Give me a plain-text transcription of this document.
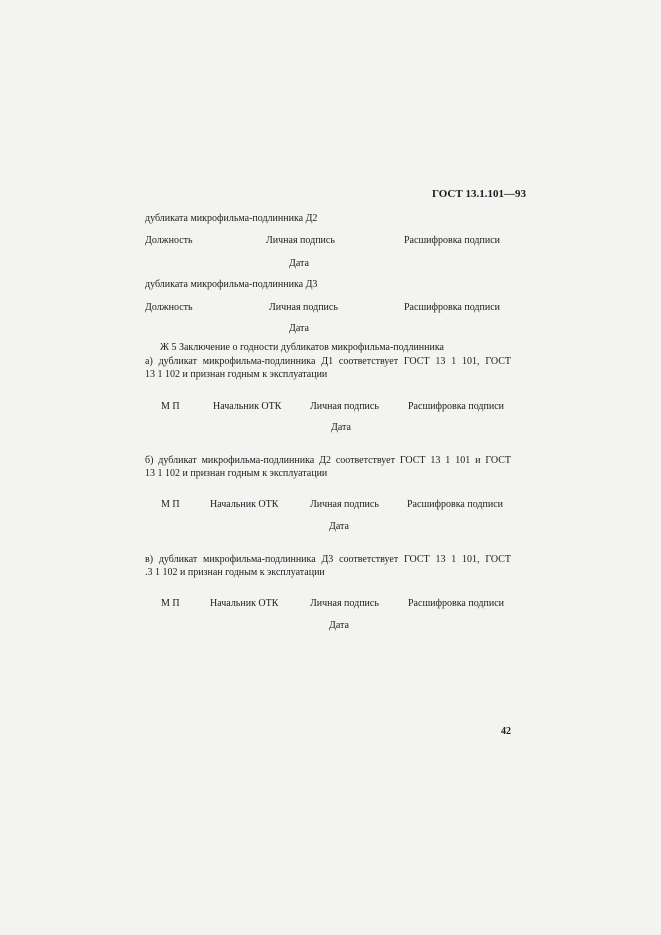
ГОСТ 13.1.101—93
дубликата микрофильма-подлинника Д2
Должность	Личная подпись	Расшифровка подписи
Дата
дубликата микрофильма-подлинника Д3
Должность	Личная подпись	Расшифровка подписи
Дата
Ж 5 Заключение о годности дубликатов микрофильма-подлинника
а) дубликат микрофильма-подлинника Д1 соответствует ГОСТ 13 1 101, ГОСТ
13 1 102 и признан годным к эксплуатации
М П	Начальник ОТК	Личная подпись	Расшифровка подписи
Дата
б) дубликат микрофильма-подлинника Д2 соответствует ГОСТ 13 1 101 и ГОСТ
13 1 102 и признан годным к эксплуатации
М П	Начальник ОТК	Личная подпись	Расшифровка подписи
Дата
в) дубликат микрофильма-подлинника Д3 соответствует ГОСТ 13 1 101, ГОСТ
.3 1 102 и признан годным к эксплуатации
М П	Начальник ОТК	Личная подпись	Расшифровка подписи
Дата
42
